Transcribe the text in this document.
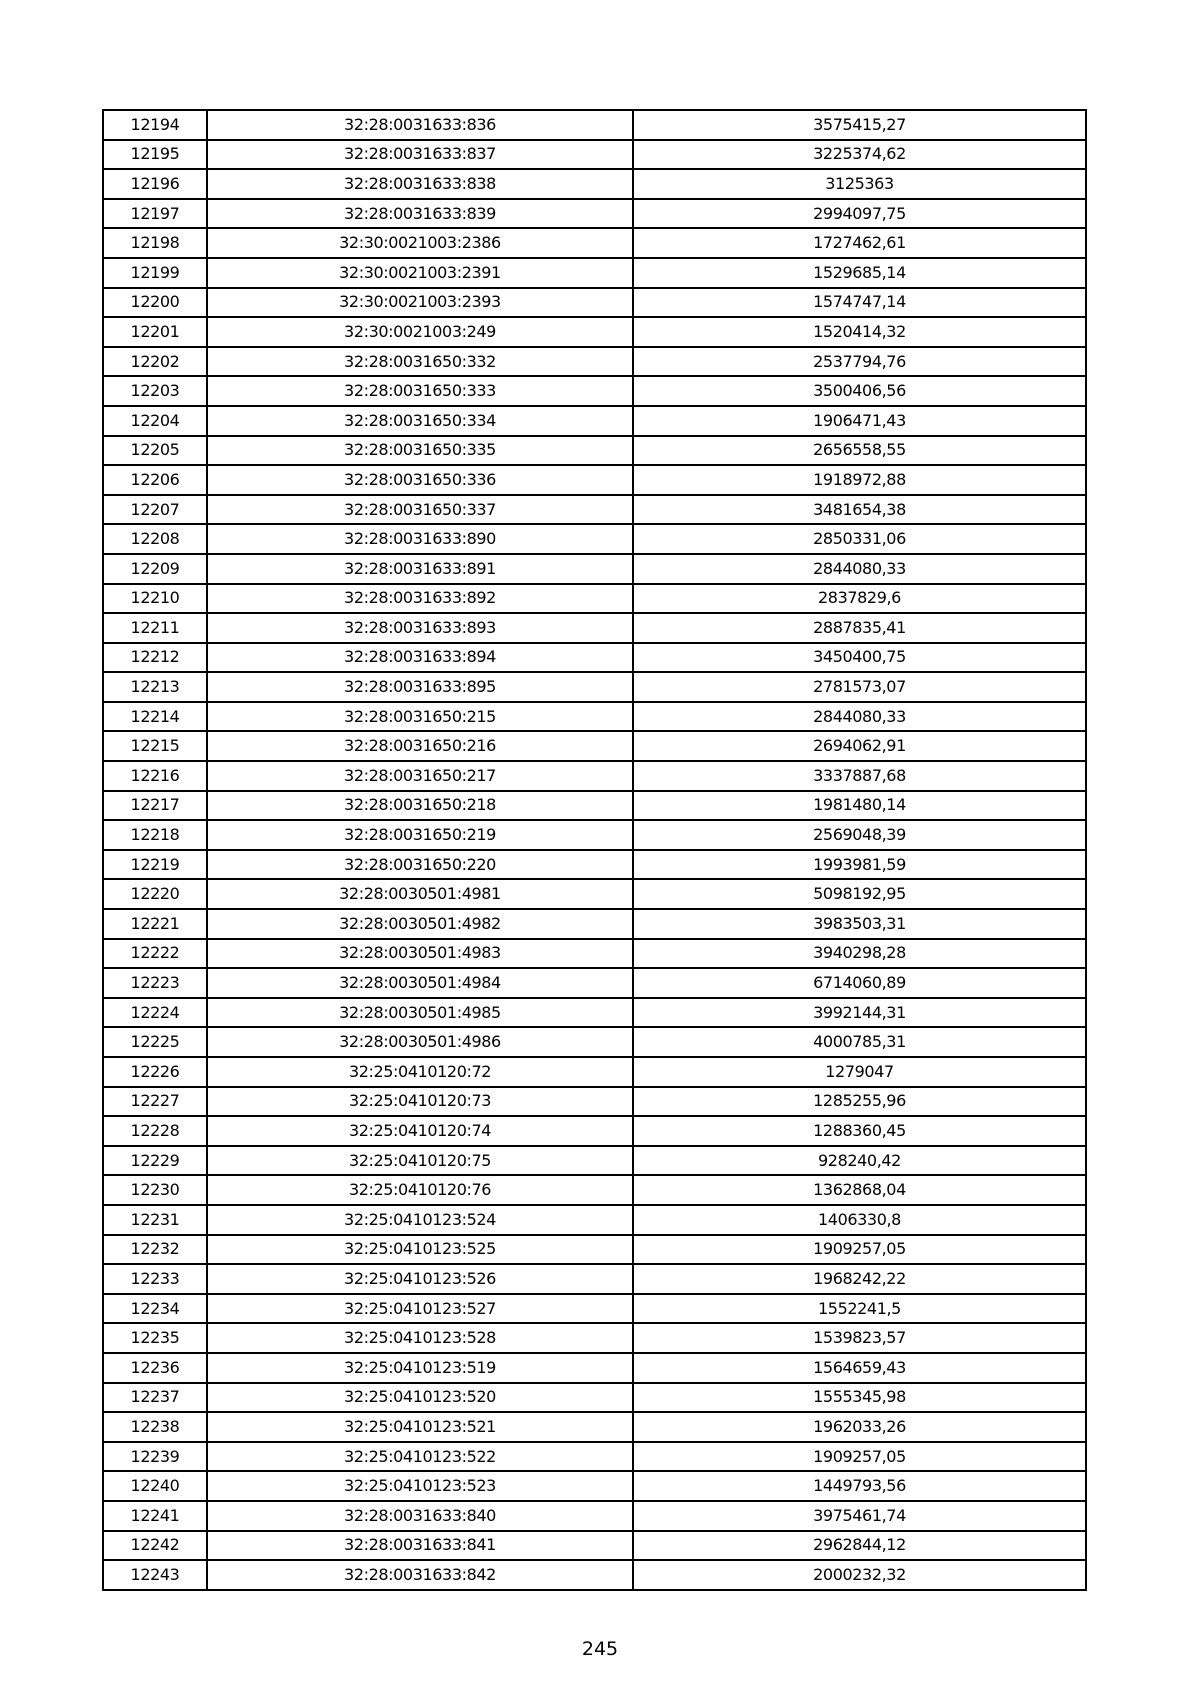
12194	32:28:0031633:836	3575415,27
12195	32:28:0031633:837	3225374,62
12196	32:28:0031633:838	3125363
12197	32:28:0031633:839	2994097,75
12198	32:30:0021003:2386	1727462,61
12199	32:30:0021003:2391	1529685,14
12200	32:30:0021003:2393	1574747,14
12201	32:30:0021003:249	1520414,32
12202	32:28:0031650:332	2537794,76
12203	32:28:0031650:333	3500406,56
12204	32:28:0031650:334	1906471,43
12205	32:28:0031650:335	2656558,55
12206	32:28:0031650:336	1918972,88
12207	32:28:0031650:337	3481654,38
12208	32:28:0031633:890	2850331,06
12209	32:28:0031633:891	2844080,33
12210	32:28:0031633:892	2837829,6
12211	32:28:0031633:893	2887835,41
12212	32:28:0031633:894	3450400,75
12213	32:28:0031633:895	2781573,07
12214	32:28:0031650:215	2844080,33
12215	32:28:0031650:216	2694062,91
12216	32:28:0031650:217	3337887,68
12217	32:28:0031650:218	1981480,14
12218	32:28:0031650:219	2569048,39
12219	32:28:0031650:220	1993981,59
12220	32:28:0030501:4981	5098192,95
12221	32:28:0030501:4982	3983503,31
12222	32:28:0030501:4983	3940298,28
12223	32:28:0030501:4984	6714060,89
12224	32:28:0030501:4985	3992144,31
12225	32:28:0030501:4986	4000785,31
12226	32:25:0410120:72	1279047
12227	32:25:0410120:73	1285255,96
12228	32:25:0410120:74	1288360,45
12229	32:25:0410120:75	928240,42
12230	32:25:0410120:76	1362868,04
12231	32:25:0410123:524	1406330,8
12232	32:25:0410123:525	1909257,05
12233	32:25:0410123:526	1968242,22
12234	32:25:0410123:527	1552241,5
12235	32:25:0410123:528	1539823,57
12236	32:25:0410123:519	1564659,43
12237	32:25:0410123:520	1555345,98
12238	32:25:0410123:521	1962033,26
12239	32:25:0410123:522	1909257,05
12240	32:25:0410123:523	1449793,56
12241	32:28:0031633:840	3975461,74
12242	32:28:0031633:841	2962844,12
12243	32:28:0031633:842	2000232,32
245
